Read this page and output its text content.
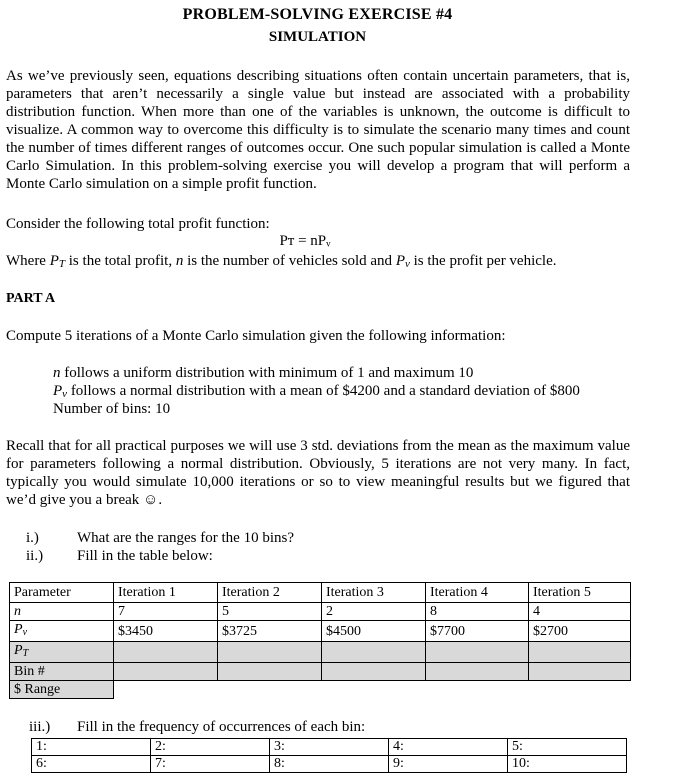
PROBLEM-SOLVING EXERCISE #4
SIMULATION
As we’ve previously seen, equations describing situations often contain uncertain parameters, that is, parameters that aren’t necessarily a single value but instead are associated with a probability distribution function. When more than one of the variables is unknown, the outcome is difficult to visualize. A common way to overcome this difficulty is to simulate the scenario many times and count the number of times different ranges of outcomes occur. One such popular simulation is called a Monte Carlo Simulation. In this problem-solving exercise you will develop a program that will perform a Monte Carlo simulation on a simple profit function.
Consider the following total profit function:
Pᴛ = nPᵥ
Where PT is the total profit, n is the number of vehicles sold and Pv is the profit per vehicle.
PART A
Compute 5 iterations of a Monte Carlo simulation given the following information:
n follows a uniform distribution with minimum of 1 and maximum 10
Pv follows a normal distribution with a mean of $4200 and a standard deviation of $800
Number of bins: 10
Recall that for all practical purposes we will use 3 std. deviations from the mean as the maximum value for parameters following a normal distribution. Obviously, 5 iterations are not very many. In fact, typically you would simulate 10,000 iterations or so to view meaningful results but we figured that we’d give you a break ☺.
i.)	What are the ranges for the 10 bins?
ii.) Fill in the table below:
Parameter	Iteration 1	Iteration 2	Iteration 3	Iteration 4	Iteration 5
n	7	5	2	8	4
Pv	$3450	$3725	$4500	$7700	$2700
PT					
Bin #					
$ Range					
iii.) Fill in the frequency of occurrences of each bin:
1:	2:	3:	4:	5:
6:	7:	8:	9:	10:
